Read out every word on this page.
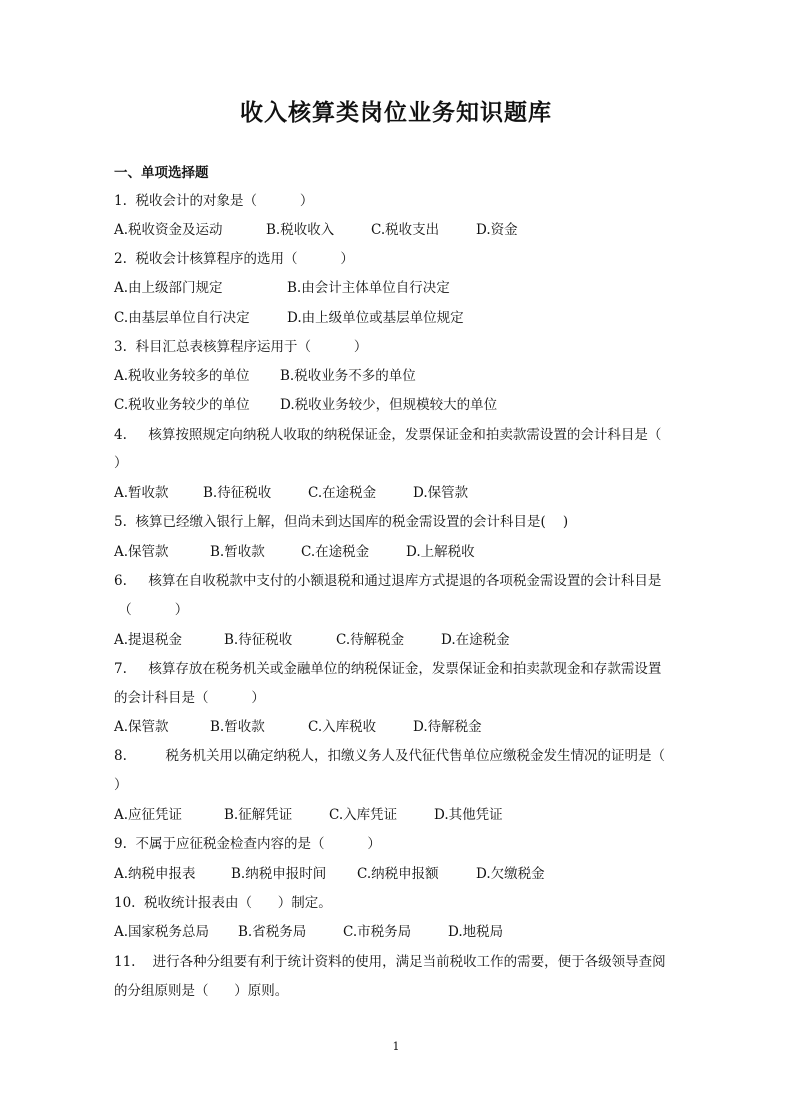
收入核算类岗位业务知识题库
一、单项选择题
1.  税收会计的对象是（          ）
A.税收资金及运动	B.税收收入	C.税收支出	D.资金
2.  税收会计核算程序的选用（          ）
A.由上级部门规定	B.由会计主体单位自行决定
C.由基层单位自行决定	D.由上级单位或基层单位规定
3.  科目汇总表核算程序运用于（          ）
A.税收业务较多的单位 B.税收业务不多的单位
C.税收业务较少的单位 D.税收业务较少，但规模较大的单位
4.     核算按照规定向纳税人收取的纳税保证金，发票保证金和拍卖款需设置的会计科目是（
）
A.暂收款	B.待征税收	C.在途税金	D.保管款
5.  核算已经缴入银行上解，但尚未到达国库的税金需设置的会计科目是(    )
A.保管款	B.暂收款	C.在途税金	D.上解税收
6.     核算在自收税款中支付的小额退税和通过退库方式提退的各项税金需设置的会计科目是
（          ）
A.提退税金	B.待征税收	C.待解税金	D.在途税金
7.     核算存放在税务机关或金融单位的纳税保证金，发票保证金和拍卖款现金和存款需设置
的会计科目是（          ）
A.保管款	B.暂收款	C.入库税收	D.待解税金
8.         税务机关用以确定纳税人，扣缴义务人及代征代售单位应缴税金发生情况的证明是（
）
A.应征凭证	B.征解凭证	C.入库凭证	D.其他凭证
9.  不属于应征税金检查内容的是（          ）
A.纳税申报表	B.纳税申报时间 C.纳税申报额	D.欠缴税金
10.  税收统计报表由（      ）制定。
A.国家税务总局 B.省税务局	C.市税务局	D.地税局
11.    进行各种分组要有利于统计资料的使用，满足当前税收工作的需要，便于各级领导查阅
的分组原则是（      ）原则。
1
